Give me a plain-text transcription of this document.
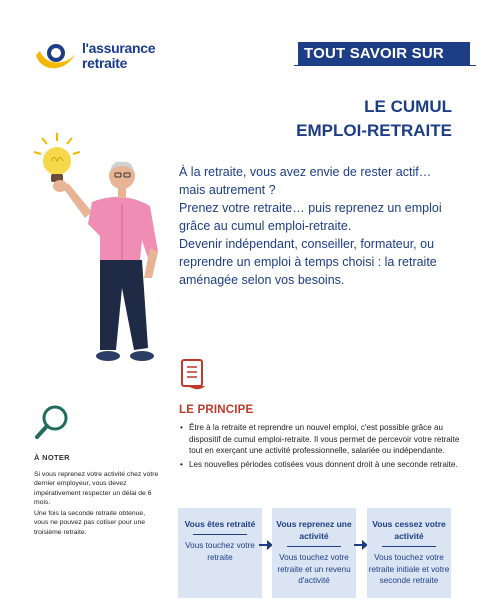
l'assurance
retraite
TOUT SAVOIR SUR
LE CUMUL
EMPLOI-RETRAITE

À la retraite, vous avez envie de rester actif…

mais autrement ?

Prenez votre retraite… puis reprenez un emploi grâce au cumul emploi-retraite.

Devenir indépendant, conseiller, formateur, ou reprendre un emploi à temps choisi : la retraite aménagée selon vos besoins.

À NOTER

Si vous reprenez votre activité chez votre dernier employeur, vous devez impérativement respecter un délai de 6 mois.

Une fois la seconde retraite obtenue, vous ne pouvez pas cotiser pour une troisième retraite.

LE PRINCIPE
• Être à la retraite et reprendre un nouvel emploi, c'est possible grâce au dispositif de cumul emploi-retraite. Il vous permet de percevoir votre retraite tout en exerçant une activité professionnelle, salariée ou indépendante.
• Les nouvelles périodes cotisées vous donnent droit à une seconde retraite.
Vous êtes retraité
Vous touchez votre retraite
Vous reprenez une activité
Vous touchez votre retraite et un revenu d'activité
Vous cessez votre activité
Vous touchez votre retraite initiale et votre seconde retraite
